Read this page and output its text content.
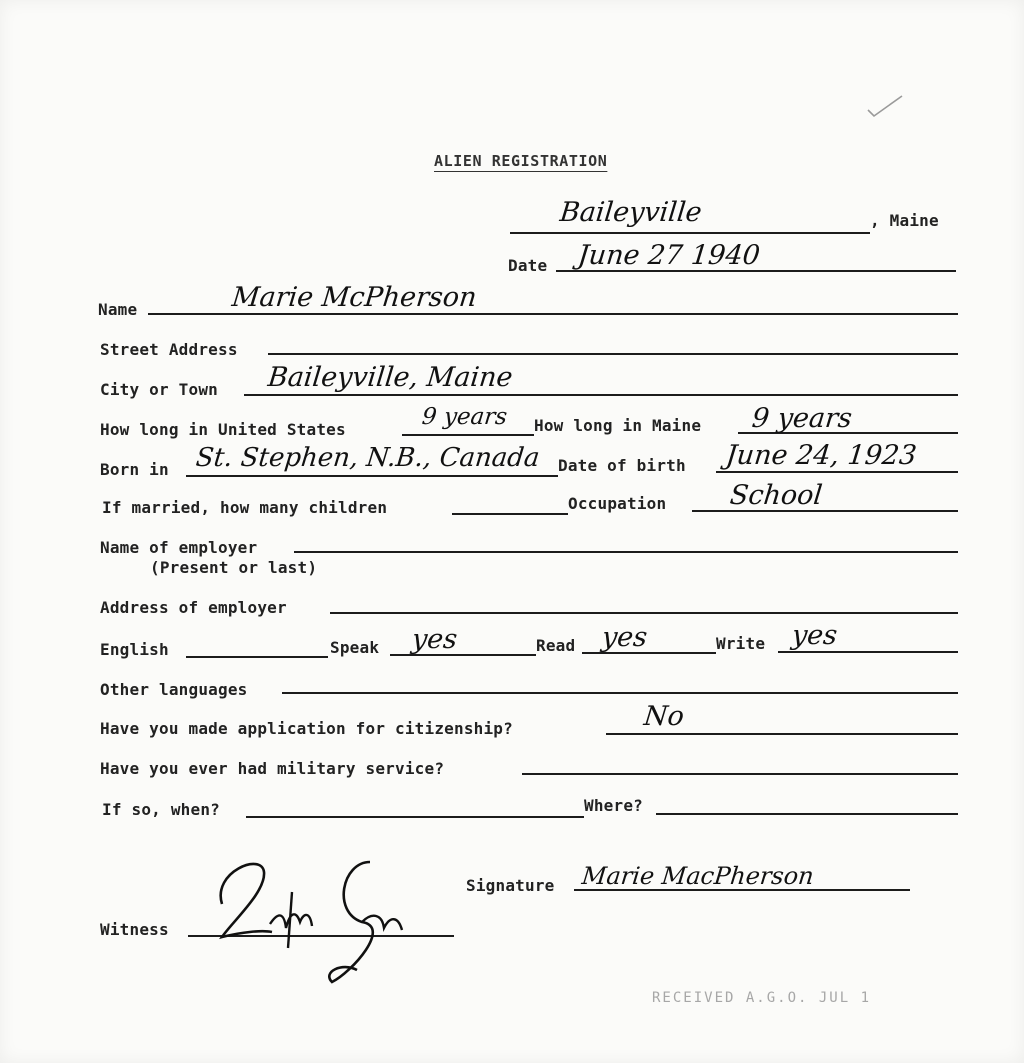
ALIEN REGISTRATION
Baileyville	, Maine
Date June 27 1940
Name	Marie McPherson
Street Address
City or Town Baileyville, Maine
How long in United States	9 years How long in Maine 9 years
Born in St. Stephen, N.B., Canada Date of birth June 24, 1923
If married, how many children	Occupation School
Name of employer
(Present or last)
Address of employer
English	Speak yes	Read yes	Write yes
Other languages
Have you made application for citizenship?	No
Have you ever had military service?
If so, when?	Where?
Signature Marie MacPherson
Witness
RECEIVED A.G.O. JUL 1
